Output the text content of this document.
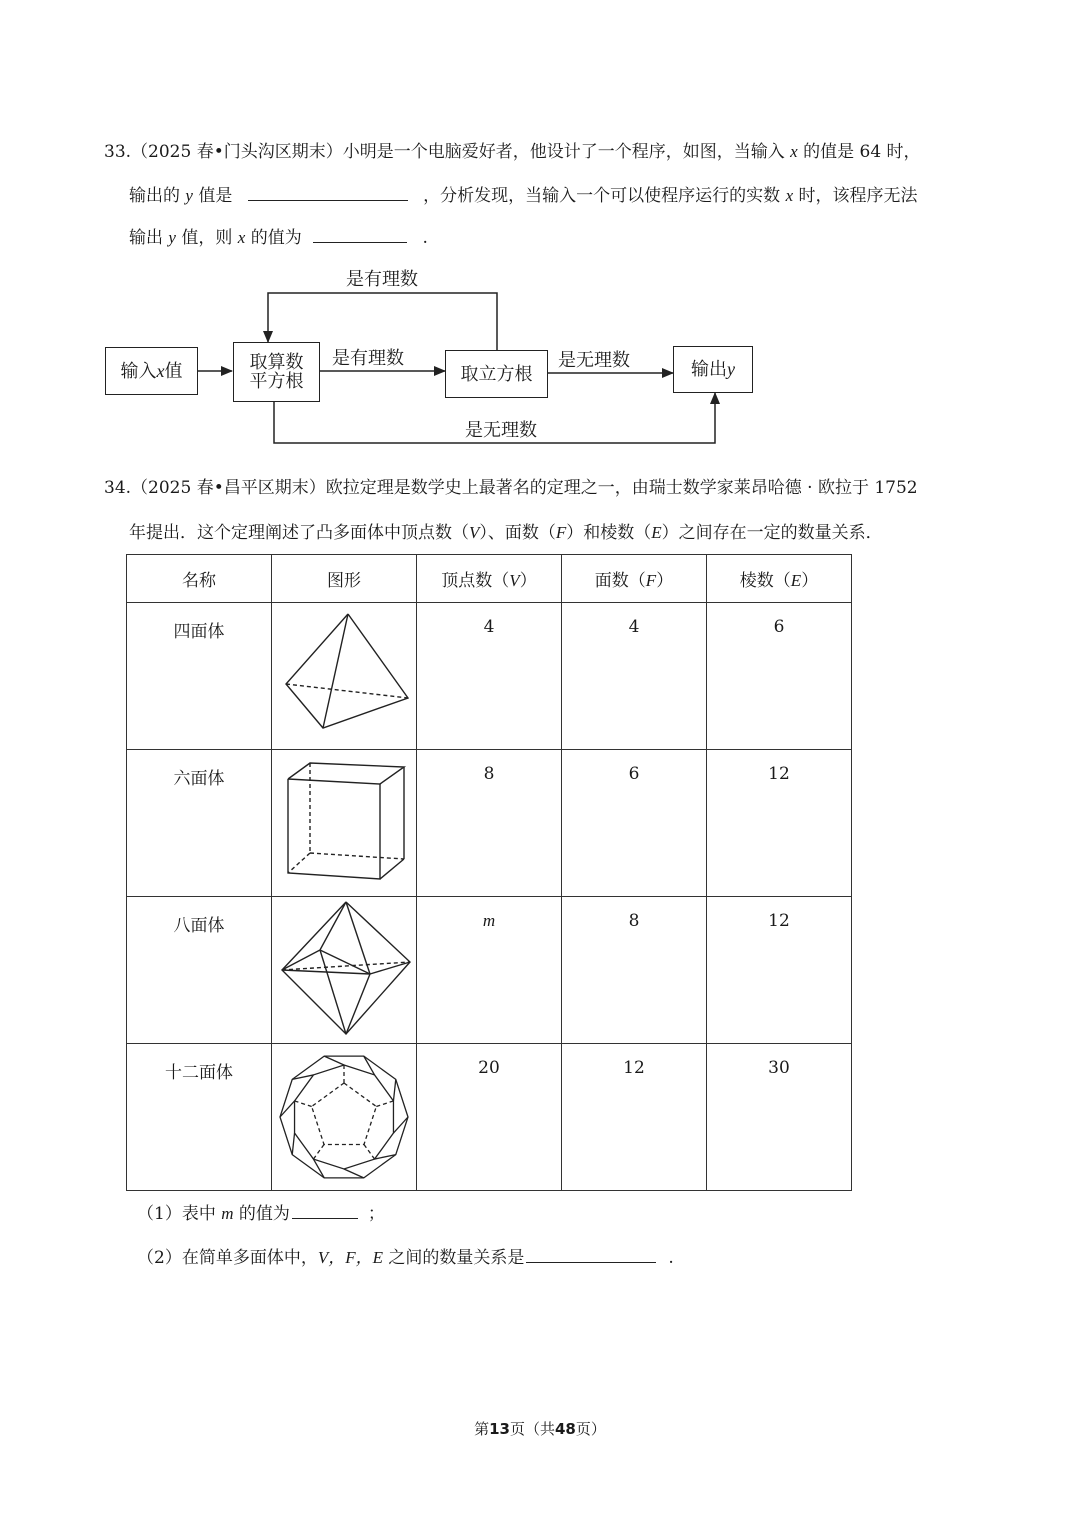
33.（2025 春•门头沟区期末）小明是一个电脑爱好者，他设计了一个程序，如图，当输入 x 的值是 64 时，
输出的 y 值是	，分析发现，当输入一个可以使程序运行的实数 x 时，该程序无法
输出 y 值，则 x 的值为	.
输入 x 值	取算数
平方根	取立方根	输出 y
是有理数
是有理数	是无理数
是无理数
34.（2025 春•昌平区期末）欧拉定理是数学史上最著名的定理之一，由瑞士数学家莱昂哈德 · 欧拉于 1752
年提出．这个定理阐述了凸多面体中顶点数（V）、面数（F）和棱数（E）之间存在一定的数量关系．
名称	图形	顶点数（V）	面数（F）	棱数（E）

四面体		4	4	6

六面体		8	6	12

八面体		m	8	12

十二面体		20	12	30
（1）表中 m 的值为	；
（2）在简单多面体中，V，F，E 之间的数量关系是	.
第13页（共48页）
